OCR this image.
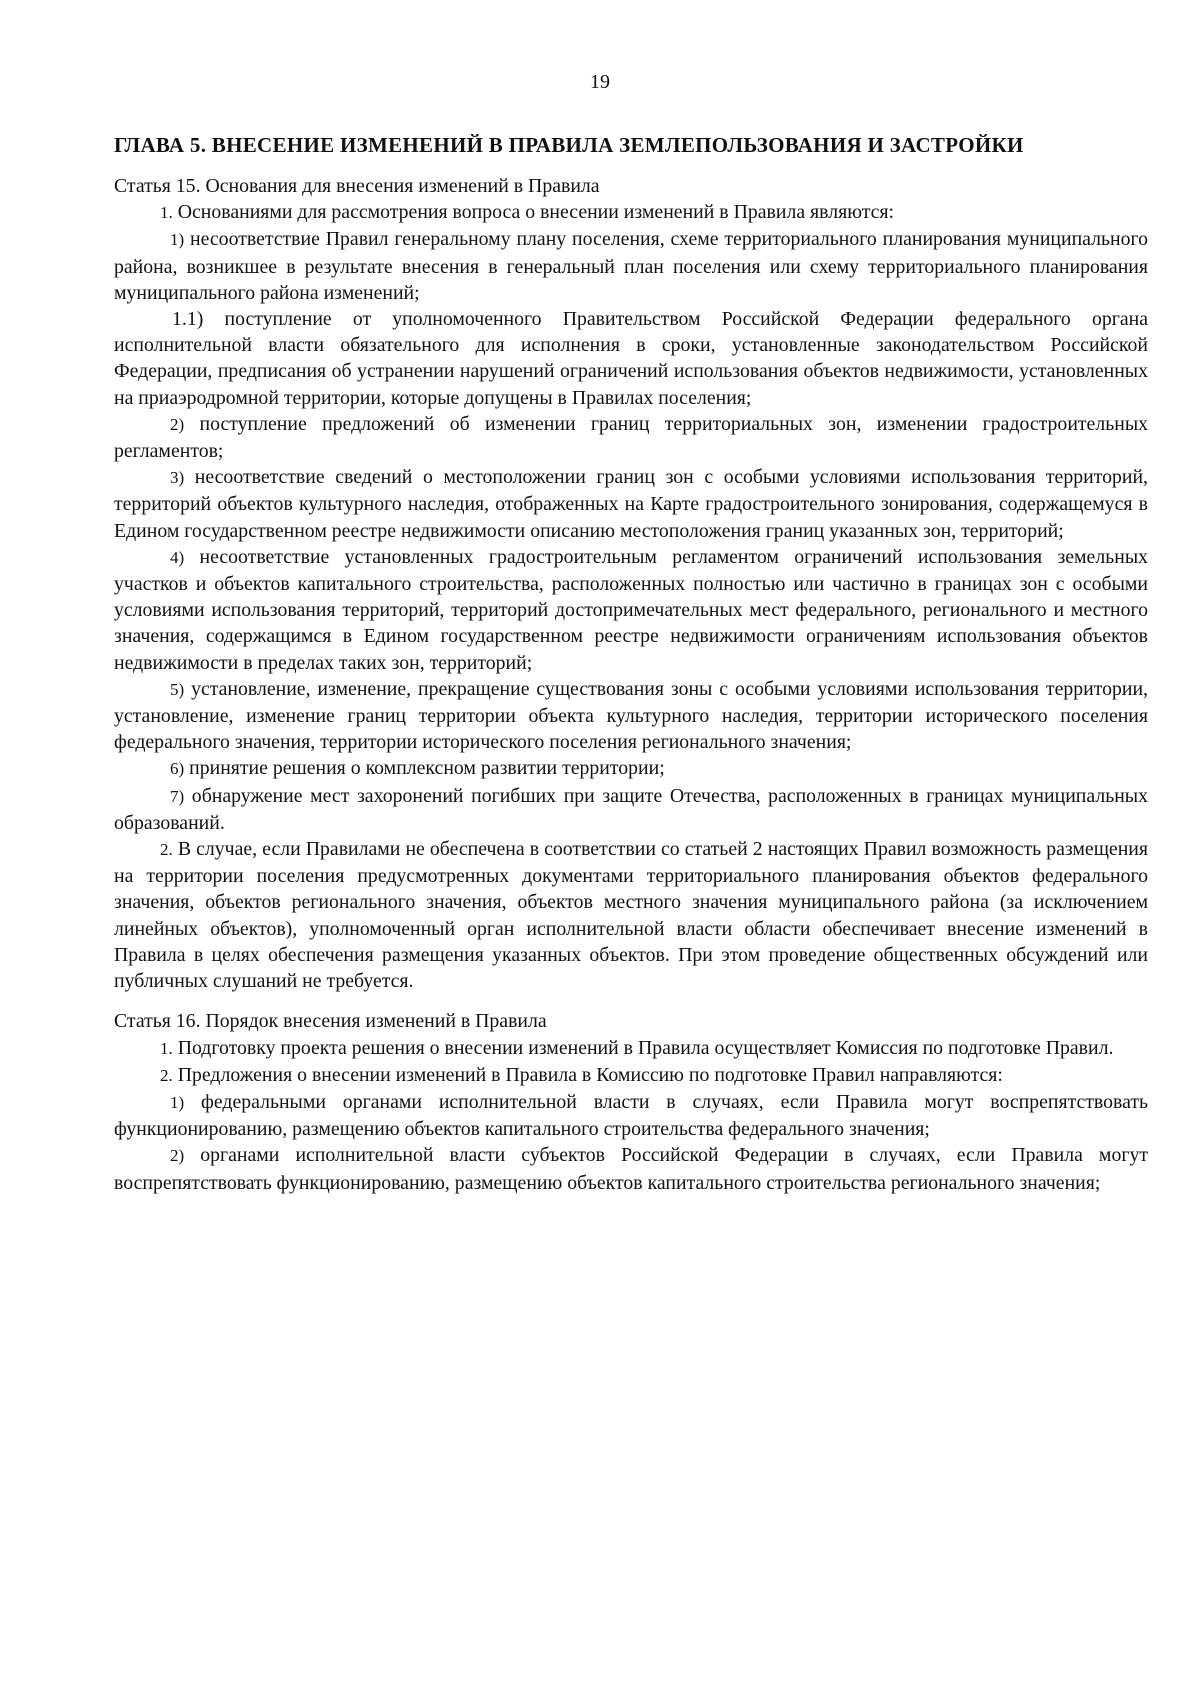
19
ГЛАВА 5. ВНЕСЕНИЕ ИЗМЕНЕНИЙ В ПРАВИЛА ЗЕМЛЕПОЛЬЗОВАНИЯ И ЗАСТРОЙКИ
Статья 15. Основания для внесения изменений в Правила

1. Основаниями для рассмотрения вопроса о внесении изменений в Правила являются:

1) несоответствие Правил генеральному плану поселения, схеме территориального планирования муниципального района, возникшее в результате внесения в генеральный план поселения или схему территориального планирования муниципального района изменений;

1.1) поступление от уполномоченного Правительством Российской Федерации федерального органа исполнительной власти обязательного для исполнения в сроки, установленные законодательством Российской Федерации, предписания об устранении нарушений ограничений использования объектов недвижимости, установленных на приаэродромной территории, которые допущены в Правилах поселения;

2) поступление предложений об изменении границ территориальных зон, изменении градостроительных регламентов;

3) несоответствие сведений о местоположении границ зон с особыми условиями использования территорий, территорий объектов культурного наследия, отображенных на Карте градостроительного зонирования, содержащемуся в Едином государственном реестре недвижимости описанию местоположения границ указанных зон, территорий;

4) несоответствие установленных градостроительным регламентом ограничений использования земельных участков и объектов капитального строительства, расположенных полностью или частично в границах зон с особыми условиями использования территорий, территорий достопримечательных мест федерального, регионального и местного значения, содержащимся в Едином государственном реестре недвижимости ограничениям использования объектов недвижимости в пределах таких зон, территорий;

5) установление, изменение, прекращение существования зоны с особыми условиями использования территории, установление, изменение границ территории объекта культурного наследия, территории исторического поселения федерального значения, территории исторического поселения регионального значения;

6) принятие решения о комплексном развитии территории;

7) обнаружение мест захоронений погибших при защите Отечества, расположенных в границах муниципальных образований.

2. В случае, если Правилами не обеспечена в соответствии со статьей 2 настоящих Правил возможность размещения на территории поселения предусмотренных документами территориального планирования объектов федерального значения, объектов регионального значения, объектов местного значения муниципального района (за исключением линейных объектов), уполномоченный орган исполнительной власти области обеспечивает внесение изменений в Правила в целях обеспечения размещения указанных объектов. При этом проведение общественных обсуждений или публичных слушаний не требуется.

Статья 16. Порядок внесения изменений в Правила

1. Подготовку проекта решения о внесении изменений в Правила осуществляет Комиссия по подготовке Правил.

2. Предложения о внесении изменений в Правила в Комиссию по подготовке Правил направляются:

1) федеральными органами исполнительной власти в случаях, если Правила могут воспрепятствовать функционированию, размещению объектов капитального строительства федерального значения;

2) органами исполнительной власти субъектов Российской Федерации в случаях, если Правила могут воспрепятствовать функционированию, размещению объектов капитального строительства регионального значения;
